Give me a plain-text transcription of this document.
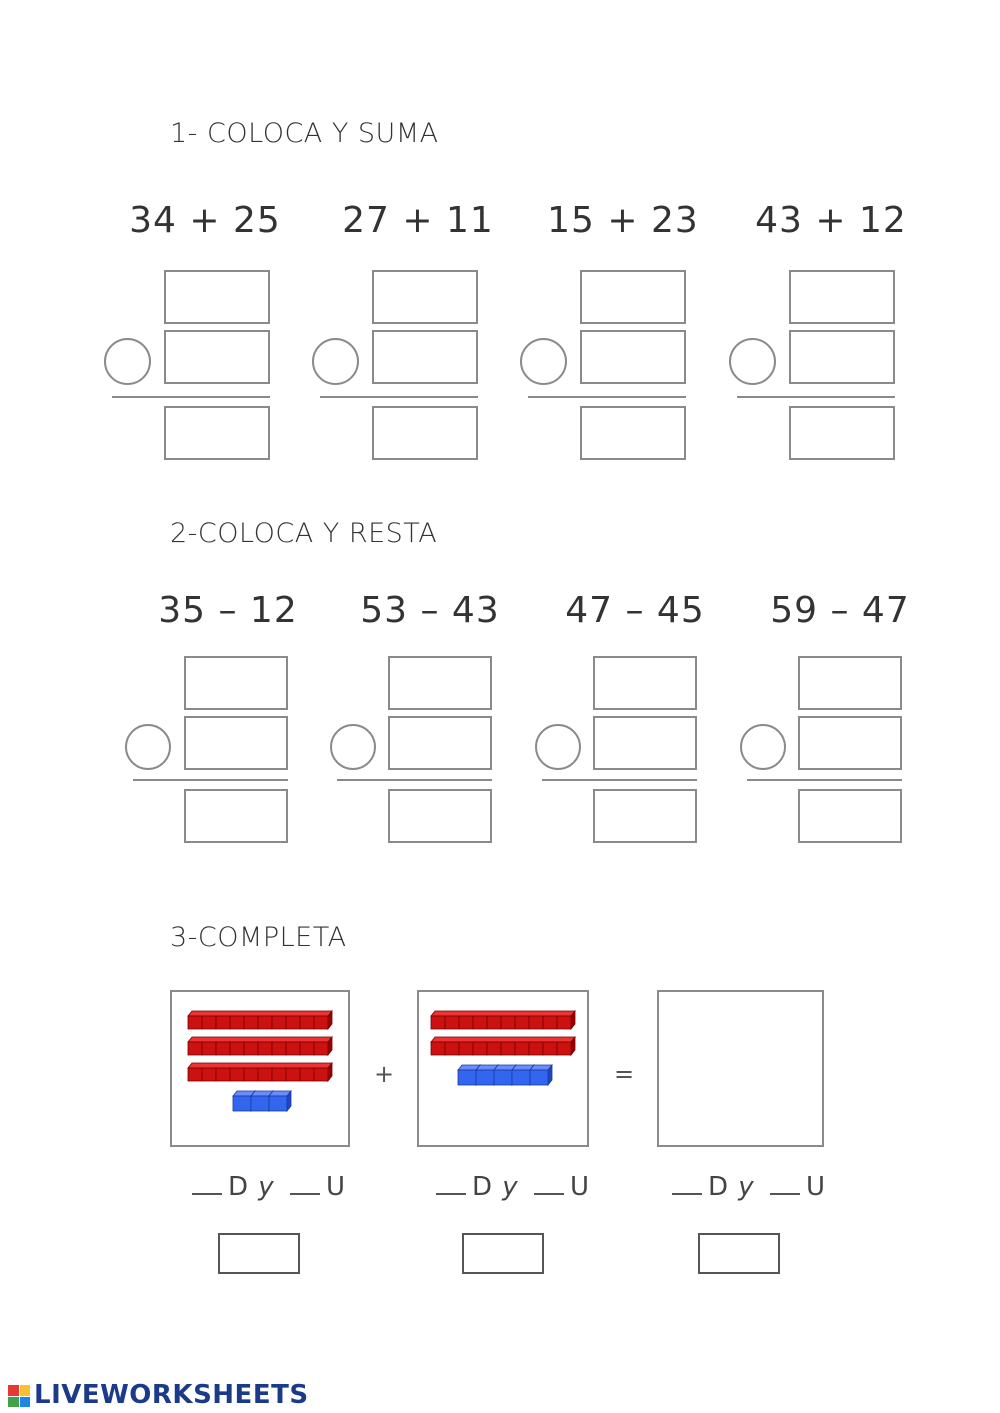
1- COLOCA Y SUMA
34 + 25	27 + 11	15 + 23	43 + 12
2-COLOCA Y RESTA
35 – 12	53 – 43	47 – 45	59 – 47
3-COMPLETA
+	=
D y U	D y U	D y U
LIVEWORKSHEETS
